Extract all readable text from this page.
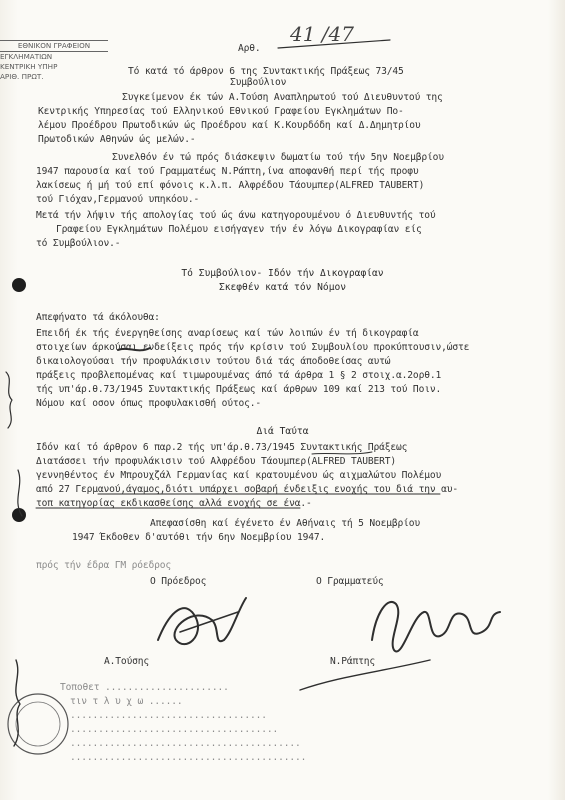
ΕΘΝΙΚΟΝ ΓΡΑΦΕΙΟΝ
ΕΓΚΛΗΜΑΤΙΩΝ
ΚΕΝΤΡΙΚΗ ΥΠΗΡ
ΑΡΙΘ. ΠΡΩΤ.
Αρθ.
41 /47
Τό κατά τό άρθρον 6 της Συντακτικής Πράξεως 73/45
Συμβούλιον
Συγκείμενον έκ τών Α.Τούση Αναπληρωτού τού Διευθυντού της
Κεντρικής Υπηρεσίας τού Ελληνικού Εθνικού Γραφείου Εγκλημάτων Πο-
λέμου Προέδρου Πρωτοδικών ώς Προέδρου καί Κ.Κουρδόδη καί Δ.Δημητρίου
Πρωτοδικών Αθηνών ώς μελών.-
Συνελθόν έν τώ πρός διάσκεψιν δωματίω τού τήν 5ην Νοεμβρίου
1947 παρουσία καί τού Γραμματέως Ν.Ράπτη,ίνα αποφανθή περί τής προφυ
λακίσεως ή μή τού επί φόνοις κ.λ.π. Αλφρέδου Τάουμπερ(ALFRED TAUBERT)
τού Γιόχαν,Γερμανού υπηκόου.-
Μετά τήν λήψιν τής απολογίας τού ώς άνω κατηγορουμένου ό Διευθυντής τού
Γραφείου Εγκλημάτων Πολέμου εισήγαγεν τήν έν λόγω Δικογραφίαν είς
τό Συμβούλιον.-
Τό Συμβούλιον- Ιδόν τήν Δικογραφίαν
Σκεφθέν κατά τόν Νόμον
Απεφήνατο τά άκόλουθα:
Επειδή έκ τής ένεργηθείσης αναρίσεως καί τών λοιπών έν τή δικογραφία
στοιχείων άρκούσαι ενδείξεις πρός τήν κρίσιν τού Συμβουλίου προκύπτουσιν,ώστε
δικαιολογούσαι τήν προφυλάκισιν τούτου διά τάς άποδοθείσας αυτώ
πράξεις προβλεπομένας καί τιμωρουμένας άπό τά άρθρα 1 § 2 στοιχ.α.2ορθ.1
τής υπ'άρ.θ.73/1945 Συντακτικής Πράξεως καί άρθρων 109 καί 213 τού Ποιν.
Νόμου καί οσον όπως προφυλακισθή ούτος.-
Διά Ταύτα
Ιδόν καί τό άρθρον 6 παρ.2 τής υπ'άρ.θ.73/1945 Συντακτικής Πράξεως
Διατάσσει τήν προφυλάκισιν τού Αλφρέδου Τάουμπερ(ALFRED TAUBERT)
γεννηθέντος έν Μπρουχζάλ Γερμανίας καί κρατουμένου ώς αιχμαλώτου Πολέμου
από 27 Γερμανού,άγαμος,διότι υπάρχει σοβαρή ένδειξις ενοχής του διά την αυ-
τοπ κατηγορίας εκδικασθείσης αλλά ενοχής σε ένα.-
Απεφασίσθη καί έγένετο έν Αθήναις τή 5 Νοεμβρίου
1947 Έκδοθεν δ'αυτόθι τήν 6ην Νοεμβρίου 1947.
πρός τήν έδρα ΓΜ ρόεδρος
Ο Πρόεδρος	Ο Γραμματεύς
Α.Τούσης	Ν.Ράπτης
Τοποθετ ......................
τιν τ λ υ χ ω ......
...................................
.....................................
.........................................
..........................................
